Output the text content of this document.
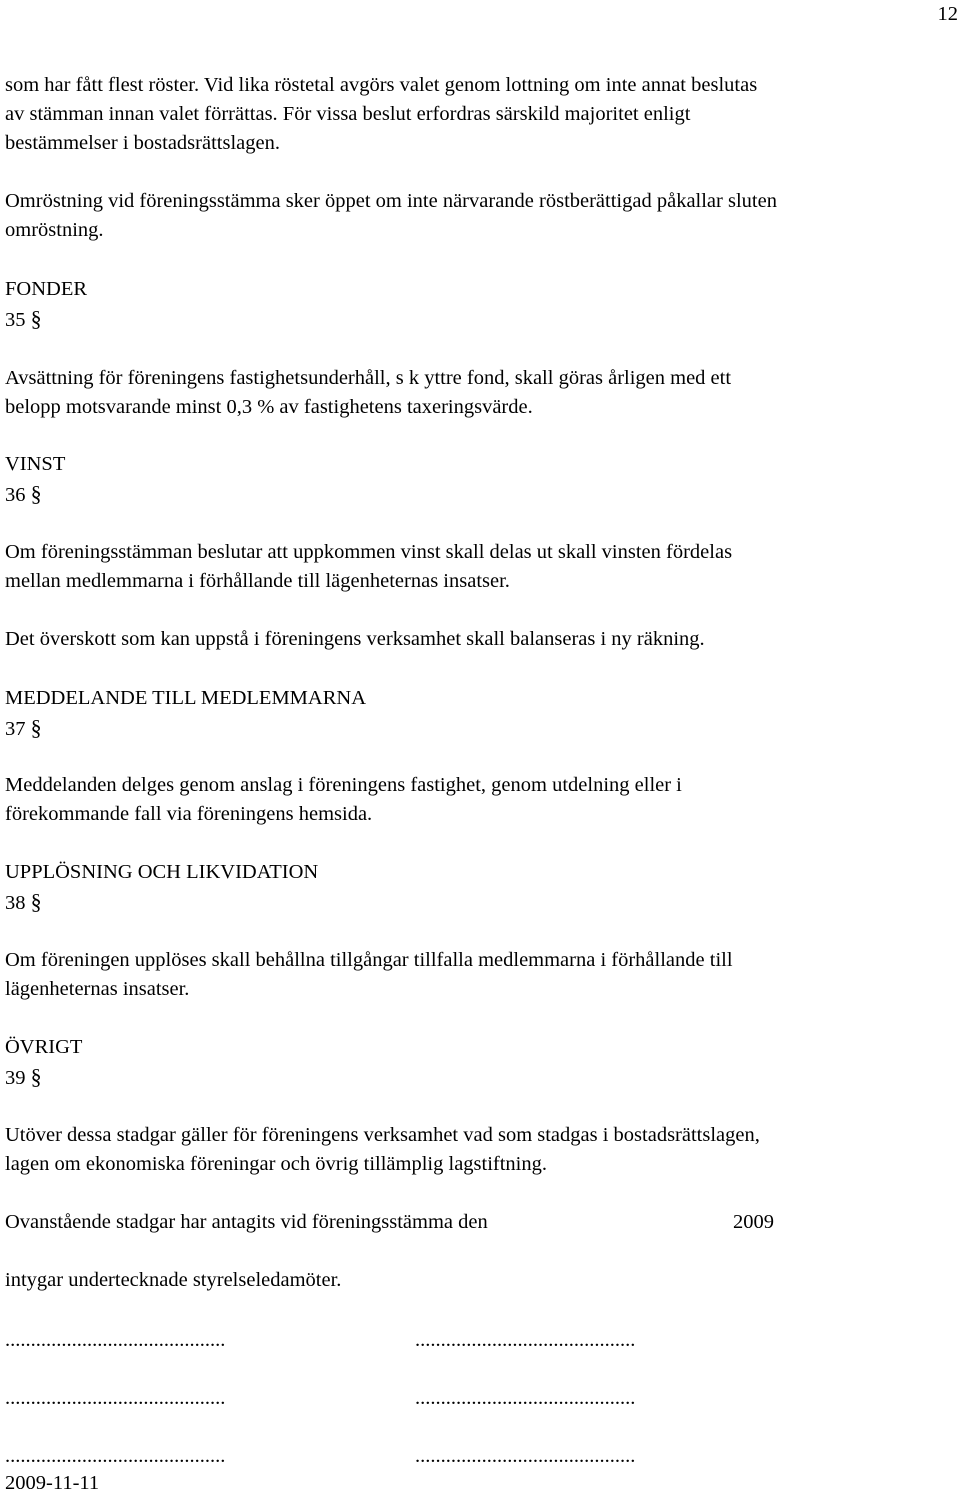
12

som har fått flest röster. Vid lika röstetal avgörs valet genom lottning om inte annat beslutas

av stämman innan valet förrättas. För vissa beslut erfordras särskild majoritet enligt

bestämmelser i bostadsrättslagen.

Omröstning vid föreningsstämma sker öppet om inte närvarande röstberättigad påkallar sluten

omröstning.

FONDER

35 §

Avsättning för föreningens fastighetsunderhåll, s k yttre fond, skall göras årligen med ett

belopp motsvarande minst 0,3 % av fastighetens taxeringsvärde.

VINST

36 §

Om föreningsstämman beslutar att uppkommen vinst skall delas ut skall vinsten fördelas

mellan medlemmarna i förhållande till lägenheternas insatser.

Det överskott som kan uppstå i föreningens verksamhet skall balanseras i ny räkning.

MEDDELANDE TILL MEDLEMMARNA

37 §

Meddelanden delges genom anslag i föreningens fastighet, genom utdelning eller i

förekommande fall via föreningens hemsida.

UPPLÖSNING OCH LIKVIDATION

38 §

Om föreningen upplöses skall behållna tillgångar tillfalla medlemmarna i förhållande till

lägenheternas insatser.

ÖVRIGT

39 §

Utöver dessa stadgar gäller för föreningens verksamhet vad som stadgas i bostadsrättslagen,

lagen om ekonomiska föreningar och övrig tillämplig lagstiftning.

Ovanstående stadgar har antagits vid föreningsstämma den	2009

intygar undertecknade styrelseledamöter.

...........................................	...........................................

...........................................	...........................................

...........................................	...........................................

2009-11-11
